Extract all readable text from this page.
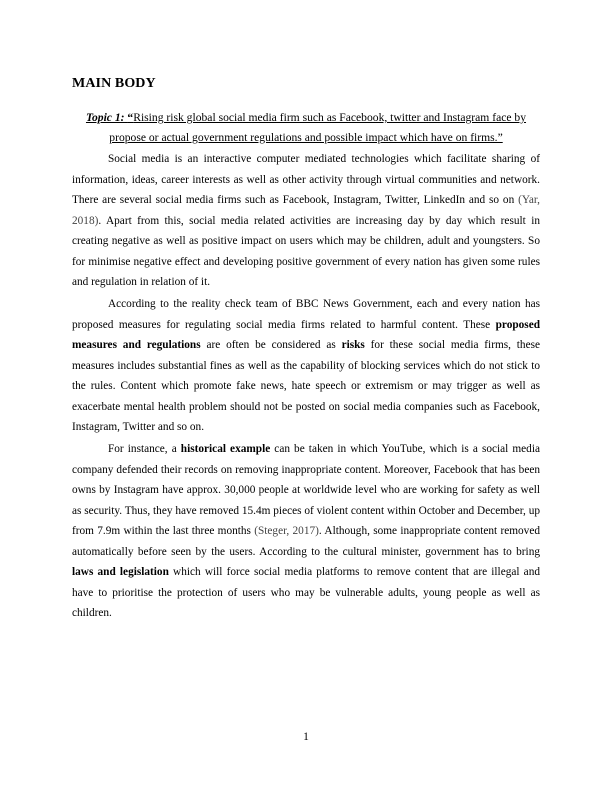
MAIN BODY

Topic 1: “Rising risk global social media firm such as Facebook, twitter and Instagram face by propose or actual government regulations and possible impact which have on firms.”

Social media is an interactive computer mediated technologies which facilitate sharing of information, ideas, career interests as well as other activity through virtual communities and network. There are several social media firms such as Facebook, Instagram, Twitter, LinkedIn and so on (Yar, 2018). Apart from this, social media related activities are increasing day by day which result in creating negative as well as positive impact on users which may be children, adult and youngsters. So for minimise negative effect and developing positive government of every nation has given some rules and regulation in relation of it.

According to the reality check team of BBC News Government, each and every nation has proposed measures for regulating social media firms related to harmful content. These proposed measures and regulations are often be considered as risks for these social media firms, these measures includes substantial fines as well as the capability of blocking services which do not stick to the rules. Content which promote fake news, hate speech or extremism or may trigger as well as exacerbate mental health problem should not be posted on social media companies such as Facebook, Instagram, Twitter and so on.

For instance, a historical example can be taken in which YouTube, which is a social media company defended their records on removing inappropriate content. Moreover, Facebook that has been owns by Instagram have approx. 30,000 people at worldwide level who are working for safety as well as security. Thus, they have removed 15.4m pieces of violent content within October and December, up from 7.9m within the last three months (Steger, 2017). Although, some inappropriate content removed automatically before seen by the users. According to the cultural minister, government has to bring laws and legislation which will force social media platforms to remove content that are illegal and have to prioritise the protection of users who may be vulnerable adults, young people as well as children.

1
